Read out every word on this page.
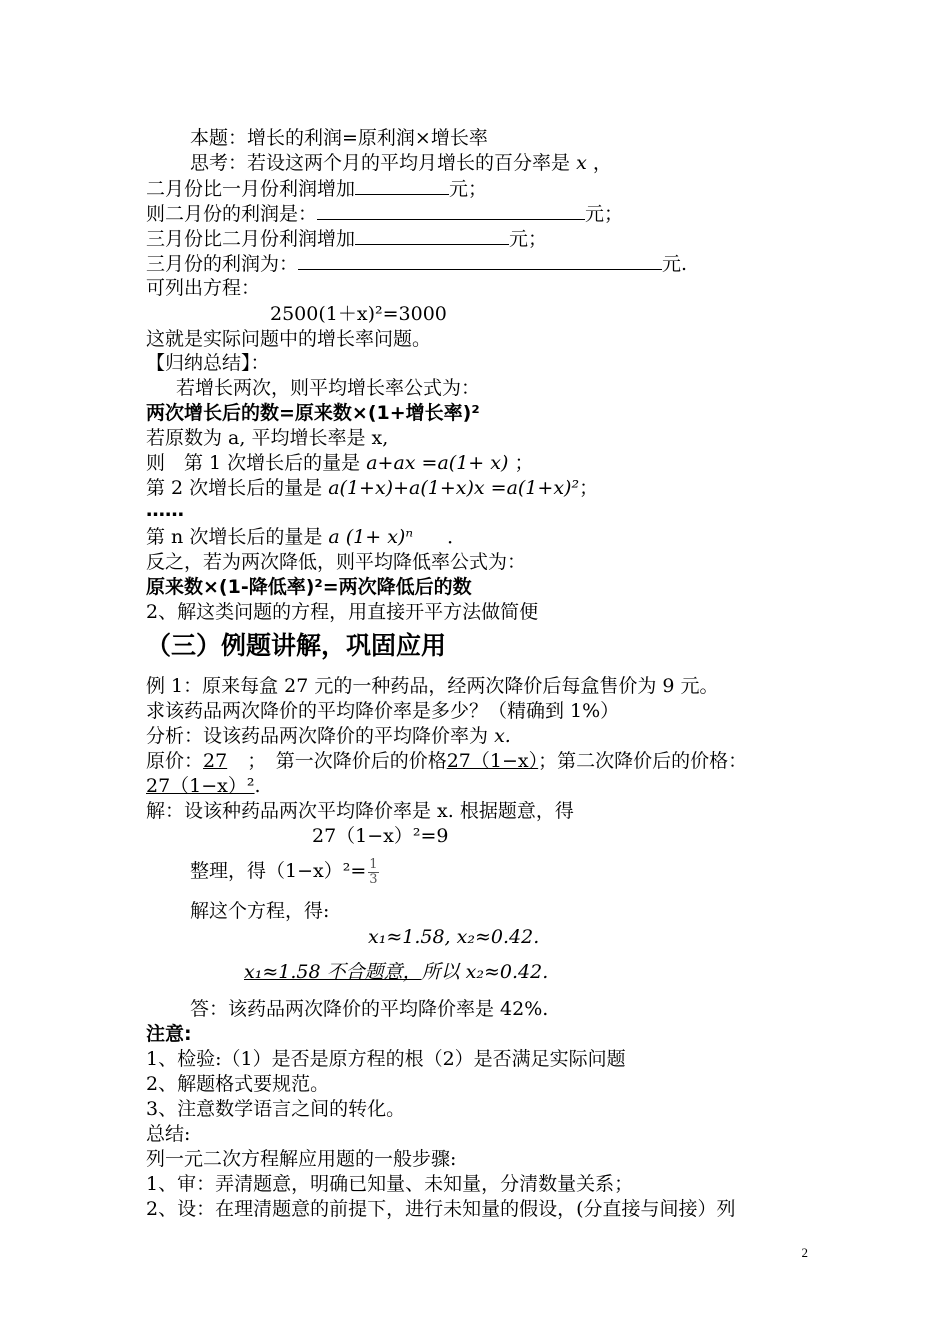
本题：增长的利润=原利润×增长率
思考：若设这两个月的平均月增长的百分率是 x ，
二月份比一月份利润增加	元；
则二月份的利润是：	元；
三月份比二月份利润增加	元；
三月份的利润为：	元.
可列出方程：
2500(1＋x)²=3000
这就是实际问题中的增长率问题。
【归纳总结】：
若增长两次，则平均增长率公式为：
两次增长后的数=原来数×(1+增长率)²
若原数为 a, 平均增长率是 x,
则　第 1 次增长后的量是 a+ax =a(1+ x) ；
第 2 次增长后的量是 a(1+x)+a(1+x)x =a(1+x)²；
……
第 n 次增长后的量是 a (1+ x)ⁿ ．
反之，若为两次降低，则平均降低率公式为：
原来数×(1-降低率)²=两次降低后的数
2、解这类问题的方程，用直接开平方法做简便
（三）例题讲解，巩固应用
例 1：原来每盒 27 元的一种药品，经两次降价后每盒售价为 9 元。
求该药品两次降价的平均降价率是多少？（精确到 1%）
分析：设该药品两次降价的平均降价率为 x.
原价：27 ；　第一次降价后的价格27（1−x）；第二次降价后的价格：
27（1−x）².
解：设该种药品两次平均降价率是 x. 根据题意，得
27（1−x）²=9
整理，得$(1-x)^2= \frac{1}{3}$
解这个方程，得:
x₁≈1.58, x₂≈0.42.
x₁≈1.58 不合题意，所以 x₂≈0.42.
答：该药品两次降价的平均降价率是 42%.
注意:
1、检验:（1）是否是原方程的根（2）是否满足实际问题
2、解题格式要规范。
3、注意数学语言之间的转化。
总结:
列一元二次方程解应用题的一般步骤:
1、审：弄清题意，明确已知量、未知量，分清数量关系；
2、设：在理清题意的前提下，进行未知量的假设，(分直接与间接）列
2
